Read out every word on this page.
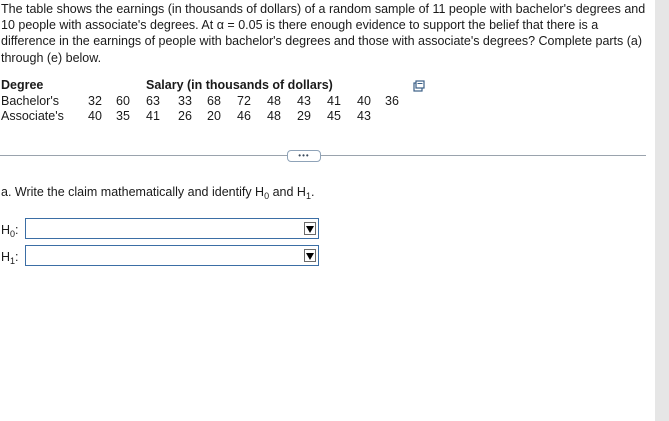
The table shows the earnings (in thousands of dollars) of a random sample of 11 people with bachelor's degrees and 10 people with associate's degrees. At α = 0.05 is there enough evidence to support the belief that there is a difference in the earnings of people with bachelor's degrees and those with associate's degrees? Complete parts (a) through (e) below.
Degree	Salary (in thousands of dollars)
Bachelor's 32 60 63 33 68 72 48 43 41 40 36
Associate's 40 35 41 26 20 46 48 29 45 43
•••
a. Write the claim mathematically and identify $H_0$ and $H_1$.
$H_0$:
$H_1$:
